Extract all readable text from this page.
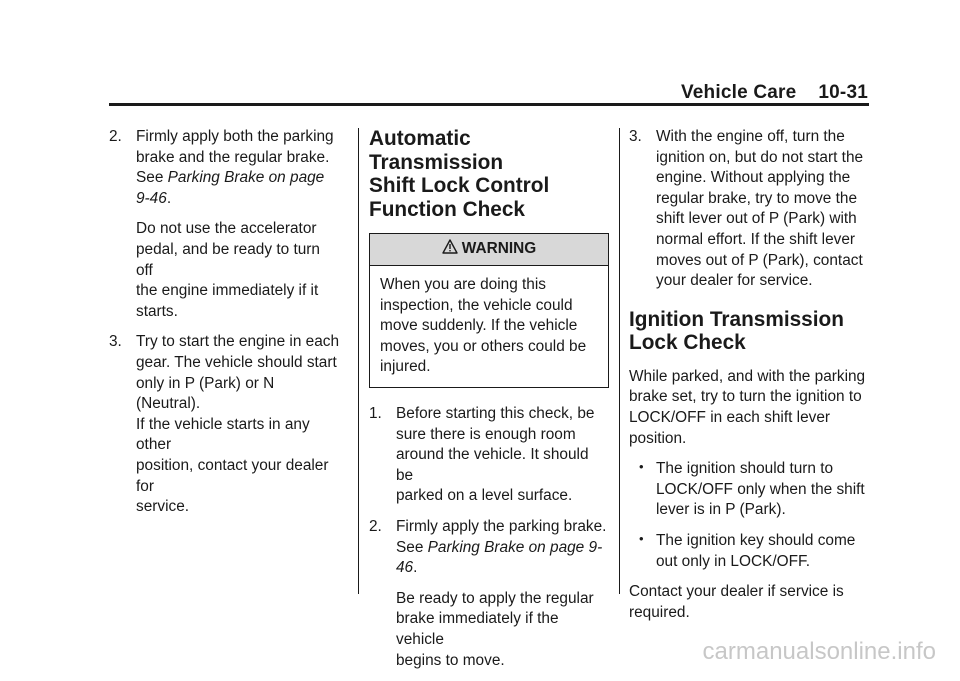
Vehicle Care 10-31
2. Firmly apply both the parking
brake and the regular brake.
See Parking Brake on page 9-46.
Do not use the accelerator
pedal, and be ready to turn off
the engine immediately if it
starts.
3. Try to start the engine in each
gear. The vehicle should start
only in P (Park) or N (Neutral).
If the vehicle starts in any other
position, contact your dealer for
service.
Automatic Transmission
Shift Lock Control
Function Check
WARNING
When you are doing this
inspection, the vehicle could
move suddenly. If the vehicle
moves, you or others could be
injured.
1. Before starting this check, be
sure there is enough room
around the vehicle. It should be
parked on a level surface.
2. Firmly apply the parking brake.
See Parking Brake on page 9-46.
Be ready to apply the regular
brake immediately if the vehicle
begins to move.
3. With the engine off, turn the
ignition on, but do not start the
engine. Without applying the
regular brake, try to move the
shift lever out of P (Park) with
normal effort. If the shift lever
moves out of P (Park), contact
your dealer for service.
Ignition Transmission
Lock Check

While parked, and with the parking
brake set, try to turn the ignition to
LOCK/OFF in each shift lever
position.

• The ignition should turn to
LOCK/OFF only when the shift
lever is in P (Park).
• The ignition key should come
out only in LOCK/OFF.

Contact your dealer if service is
required.

carmanualsonline.info
